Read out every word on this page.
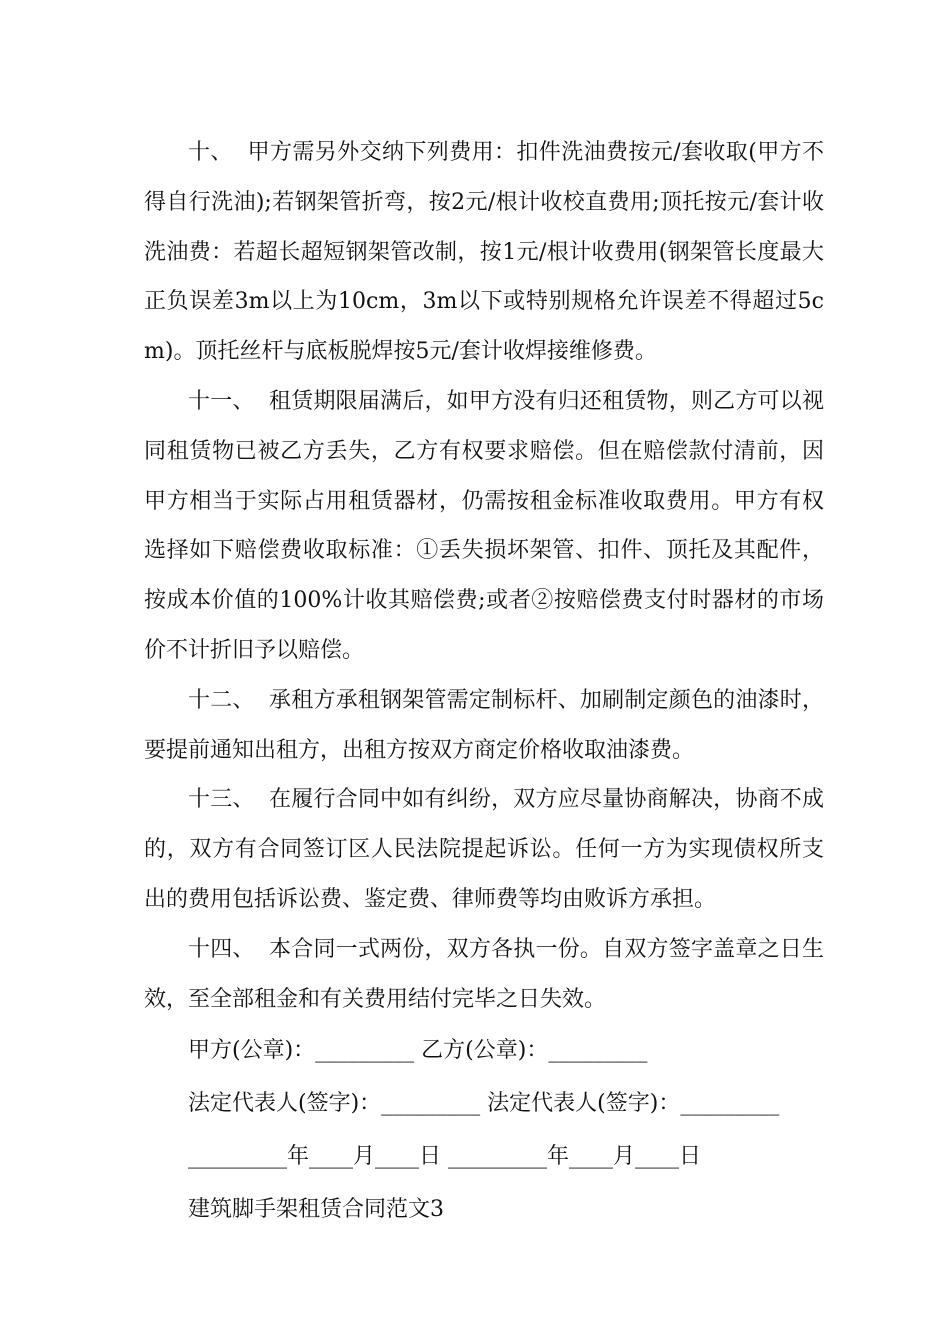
十、 甲方需另外交纳下列费用：扣件洗油费按元/套收取(甲方不得自行洗油);若钢架管折弯，按2元/根计收校直费用;顶托按元/套计收洗油费：若超长超短钢架管改制，按1元/根计收费用(钢架管长度最大正负误差3m以上为10cm，3m以下或特别规格允许误差不得超过5cm)。顶托丝杆与底板脱焊按5元/套计收焊接维修费。

十一、 租赁期限届满后，如甲方没有归还租赁物，则乙方可以视同租赁物已被乙方丢失，乙方有权要求赔偿。但在赔偿款付清前，因甲方相当于实际占用租赁器材，仍需按租金标准收取费用。甲方有权选择如下赔偿费收取标准：①丢失损坏架管、扣件、顶托及其配件，按成本价值的100%计收其赔偿费;或者②按赔偿费支付时器材的市场价不计折旧予以赔偿。

十二、 承租方承租钢架管需定制标杆、加刷制定颜色的油漆时，要提前通知出租方，出租方按双方商定价格收取油漆费。

十三、 在履行合同中如有纠纷，双方应尽量协商解决，协商不成的，双方有合同签订区人民法院提起诉讼。任何一方为实现债权所支出的费用包括诉讼费、鉴定费、律师费等均由败诉方承担。

十四、 本合同一式两份，双方各执一份。自双方签字盖章之日生效，至全部租金和有关费用结付完毕之日失效。

甲方(公章)：_________ 乙方(公章)：_________

法定代表人(签字)：_________ 法定代表人(签字)：_________

_________年____月____日 _________年____月____日

建筑脚手架租赁合同范文3
